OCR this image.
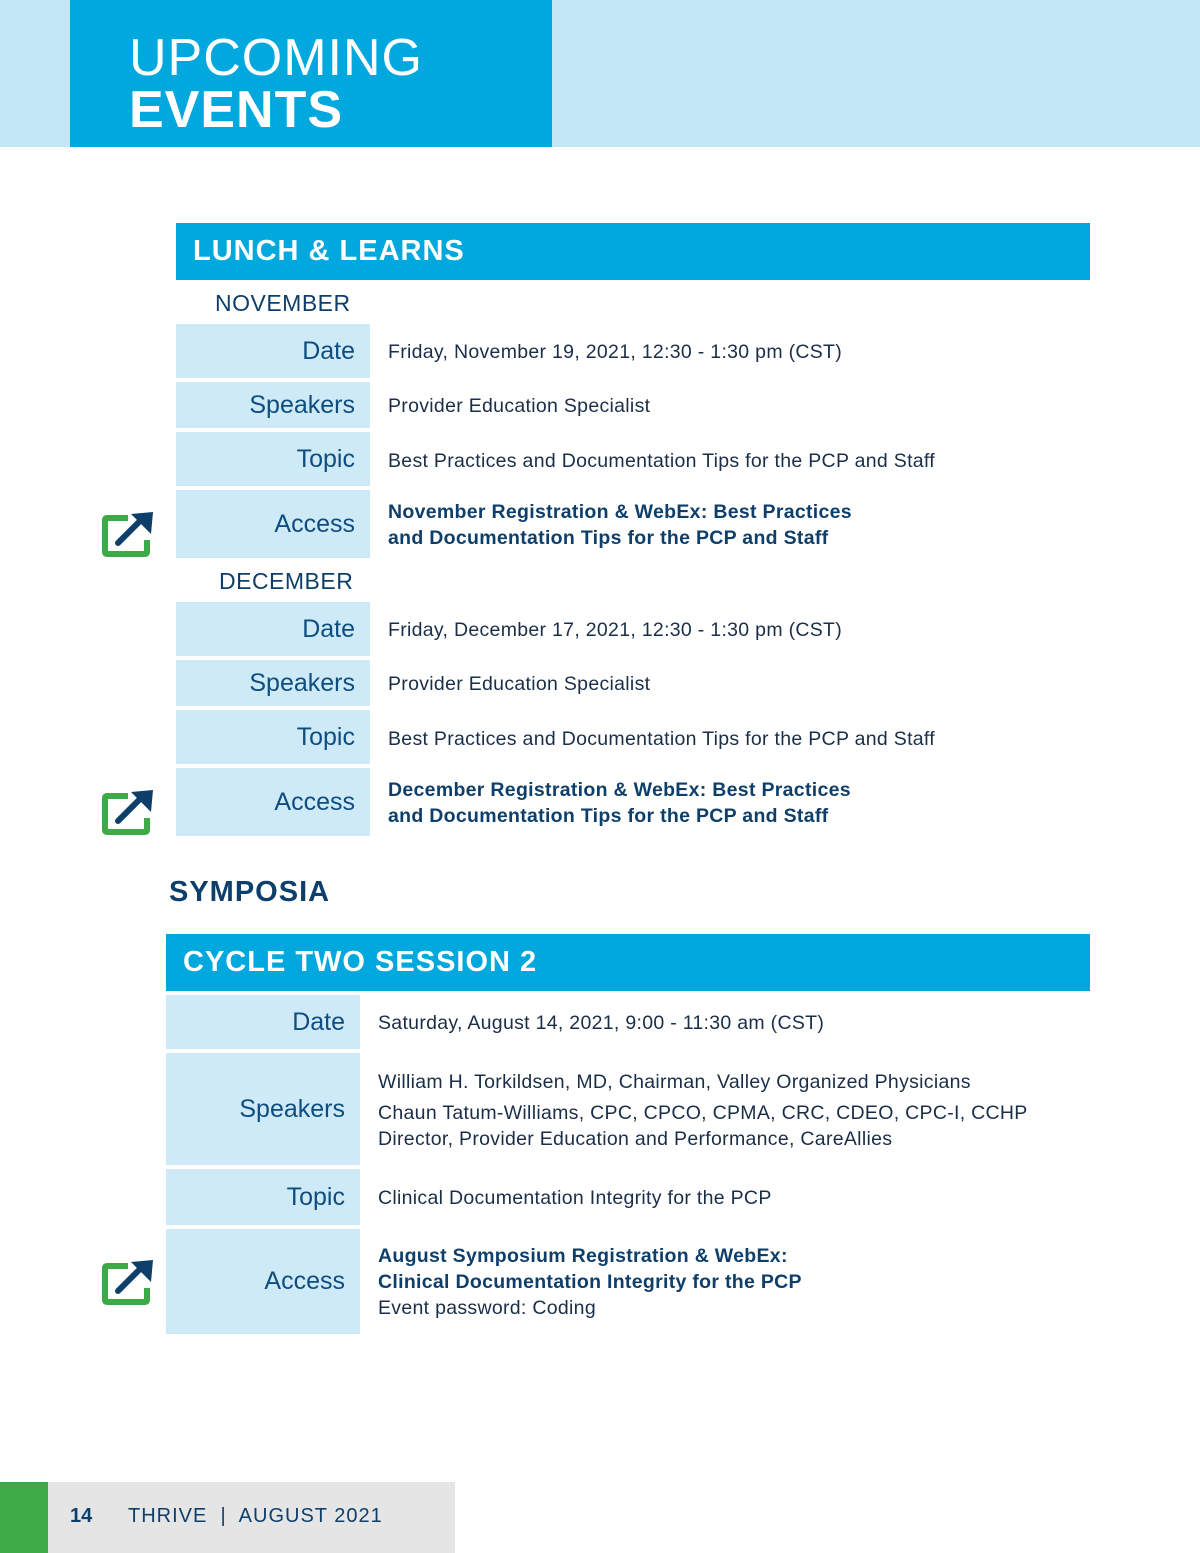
UPCOMING
EVENTS
LUNCH & LEARNS
NOVEMBER
Date	Friday, November 19, 2021, 12:30 - 1:30 pm (CST)
Speakers	Provider Education Specialist
Topic	Best Practices and Documentation Tips for the PCP and Staff
Access	November Registration & WebEx: Best Practices
and Documentation Tips for the PCP and Staff
DECEMBER
Date	Friday, December 17, 2021, 12:30 - 1:30 pm (CST)
Speakers	Provider Education Specialist
Topic	Best Practices and Documentation Tips for the PCP and Staff
Access	December Registration & WebEx: Best Practices
and Documentation Tips for the PCP and Staff
SYMPOSIA
CYCLE TWO SESSION 2
Date	Saturday, August 14, 2021, 9:00 - 11:30 am (CST)
Speakers
William H. Torkildsen, MD, Chairman, Valley Organized Physicians
Chaun Tatum-Williams, CPC, CPCO, CPMA, CRC, CDEO, CPC-I, CCHP
Director, Provider Education and Performance, CareAllies
Topic	Clinical Documentation Integrity for the PCP
Access
August Symposium Registration & WebEx:
Clinical Documentation Integrity for the PCP
Event password: Coding
14 THRIVE  |  AUGUST 2021
